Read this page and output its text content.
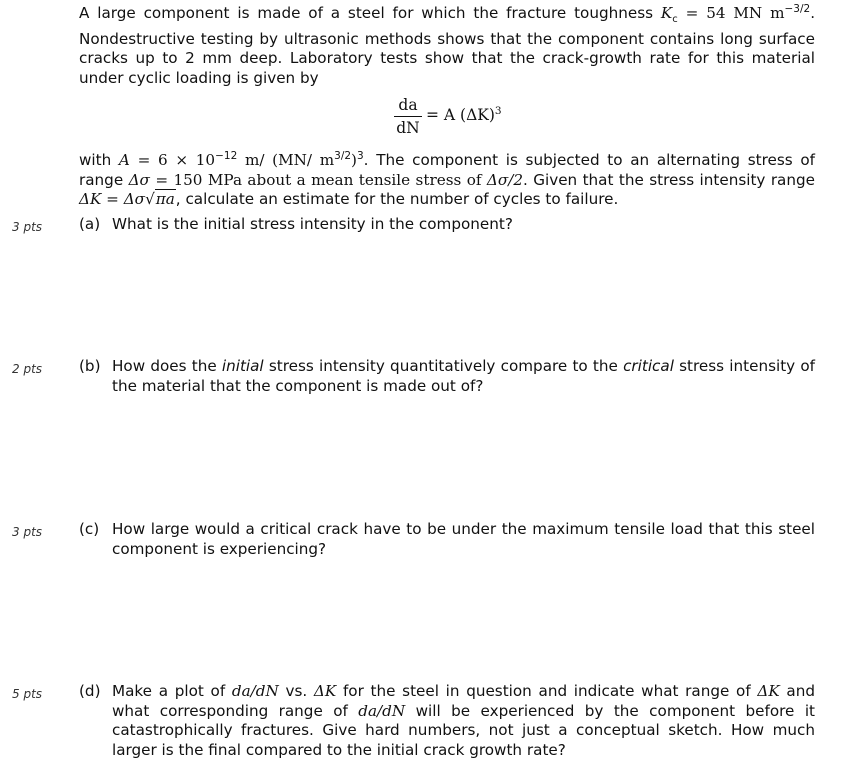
A large component is made of a steel for which the fracture toughness $K_c = 54$ MN $m^{-3/2}$. Nondestructive testing by ultrasonic methods shows that the component contains long surface cracks up to 2 mm deep. Laboratory tests show that the crack-growth rate for this material under cyclic loading is given by
da
dN
= A $(\Delta K)^3$
with $A = 6 \times 10^{-12}$ m/ (MN/ $m^{3/2})^3$. The component is subjected to an alternating stress of range Δσ = 150 MPa about a mean tensile stress of Δσ/2. Given that the stress intensity range ΔK = Δσ√πa, calculate an estimate for the number of cycles to failure.
3 pts (a) What is the initial stress intensity in the component?
2 pts (b) How does the initial stress intensity quantitatively compare to the critical stress intensity of the material that the component is made out of?
3 pts (c) How large would a critical crack have to be under the maximum tensile load that this steel component is experiencing?
5 pts (d) Make a plot of da/dN vs. ΔK for the steel in question and indicate what range of ΔK and what corresponding range of da/dN will be experienced by the component before it catastrophically fractures. Give hard numbers, not just a conceptual sketch. How much larger is the final compared to the initial crack growth rate?
